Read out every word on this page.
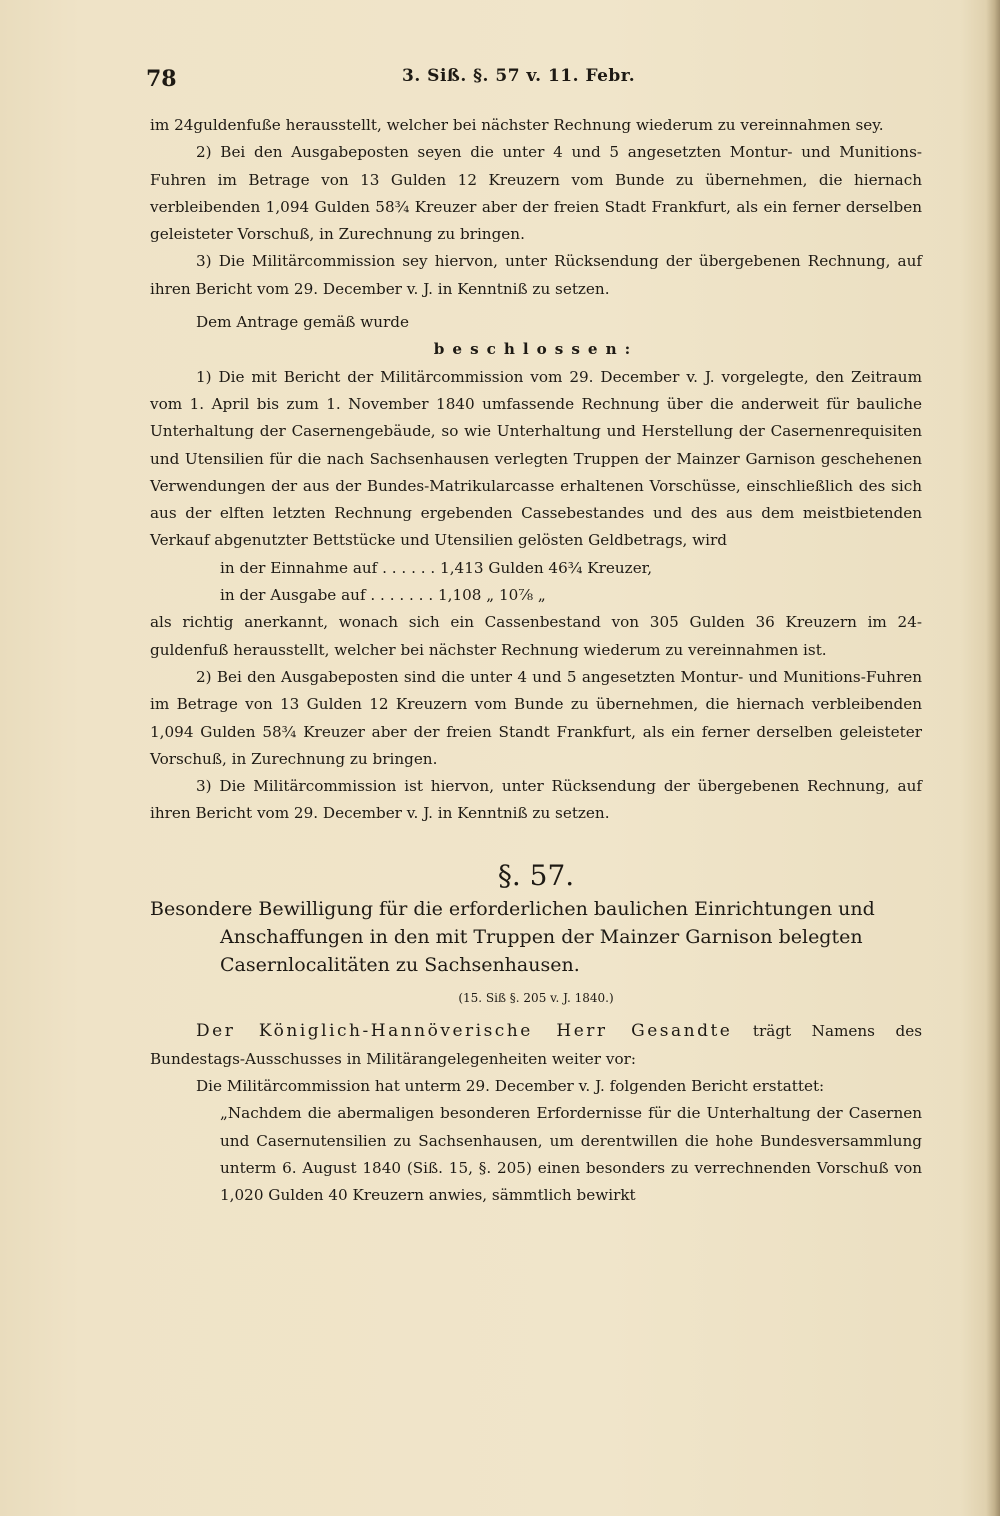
78	3. Siß. §. 57 v. 11. Febr.

im 24guldenfuße herausstellt, welcher bei nächster Rechnung wiederum zu vereinnahmen sey.

2) Bei den Ausgabeposten seyen die unter 4 und 5 angesetzten Montur- und Munitions-Fuhren im Betrage von 13 Gulden 12 Kreuzern vom Bunde zu übernehmen, die hiernach verbleibenden 1,094 Gulden 58¾ Kreuzer aber der freien Stadt Frankfurt, als ein ferner derselben geleisteter Vorschuß, in Zurechnung zu bringen.

3) Die Militärcommission sey hiervon, unter Rücksendung der übergebenen Rechnung, auf ihren Bericht vom 29. December v. J. in Kenntniß zu setzen.

Dem Antrage gemäß wurde

beschlossen:

1) Die mit Bericht der Militärcommission vom 29. December v. J. vorgelegte, den Zeitraum vom 1. April bis zum 1. November 1840 umfassende Rechnung über die anderweit für bauliche Unterhaltung der Casernengebäude, so wie Unterhaltung und Herstellung der Casernenrequisiten und Utensilien für die nach Sachsenhausen verlegten Truppen der Mainzer Garnison geschehenen Verwendungen der aus der Bundes-Matrikularcasse erhaltenen Vorschüsse, einschließlich des sich aus der elften letzten Rechnung ergebenden Cassebestandes und des aus dem meistbietenden Verkauf abgenutzter Bettstücke und Utensilien gelösten Geldbetrags, wird

in der Einnahme auf . . . . . . 1,413 Gulden 46¾ Kreuzer,

in der Ausgabe auf . . . . . . . 1,108 „ 10⅞ „

als richtig anerkannt, wonach sich ein Cassenbestand von 305 Gulden 36 Kreuzern im 24-guldenfuß herausstellt, welcher bei nächster Rechnung wiederum zu vereinnahmen ist.

2) Bei den Ausgabeposten sind die unter 4 und 5 angesetzten Montur- und Munitions-Fuhren im Betrage von 13 Gulden 12 Kreuzern vom Bunde zu übernehmen, die hiernach verbleibenden 1,094 Gulden 58¾ Kreuzer aber der freien Standt Frankfurt, als ein ferner derselben geleisteter Vorschuß, in Zurechnung zu bringen.

3) Die Militärcommission ist hiervon, unter Rücksendung der übergebenen Rechnung, auf ihren Bericht vom 29. December v. J. in Kenntniß zu setzen.

§. 57.

Besondere Bewilligung für die erforderlichen baulichen Einrichtungen und Anschaffungen in den mit Truppen der Mainzer Garnison belegten Casernlocalitäten zu Sachsenhausen.

(15. Siß §. 205 v. J. 1840.)

Der Königlich-Hannöverische Herr Gesandte trägt Namens des Bundestags-Ausschusses in Militärangelegenheiten weiter vor:

Die Militärcommission hat unterm 29. December v. J. folgenden Bericht erstattet:

„Nachdem die abermaligen besonderen Erfordernisse für die Unterhaltung der Casernen und Casernutensilien zu Sachsenhausen, um derentwillen die hohe Bundesversammlung unterm 6. August 1840 (Siß. 15, §. 205) einen besonders zu verrechnenden Vorschuß von 1,020 Gulden 40 Kreuzern anwies, sämmtlich bewirkt
